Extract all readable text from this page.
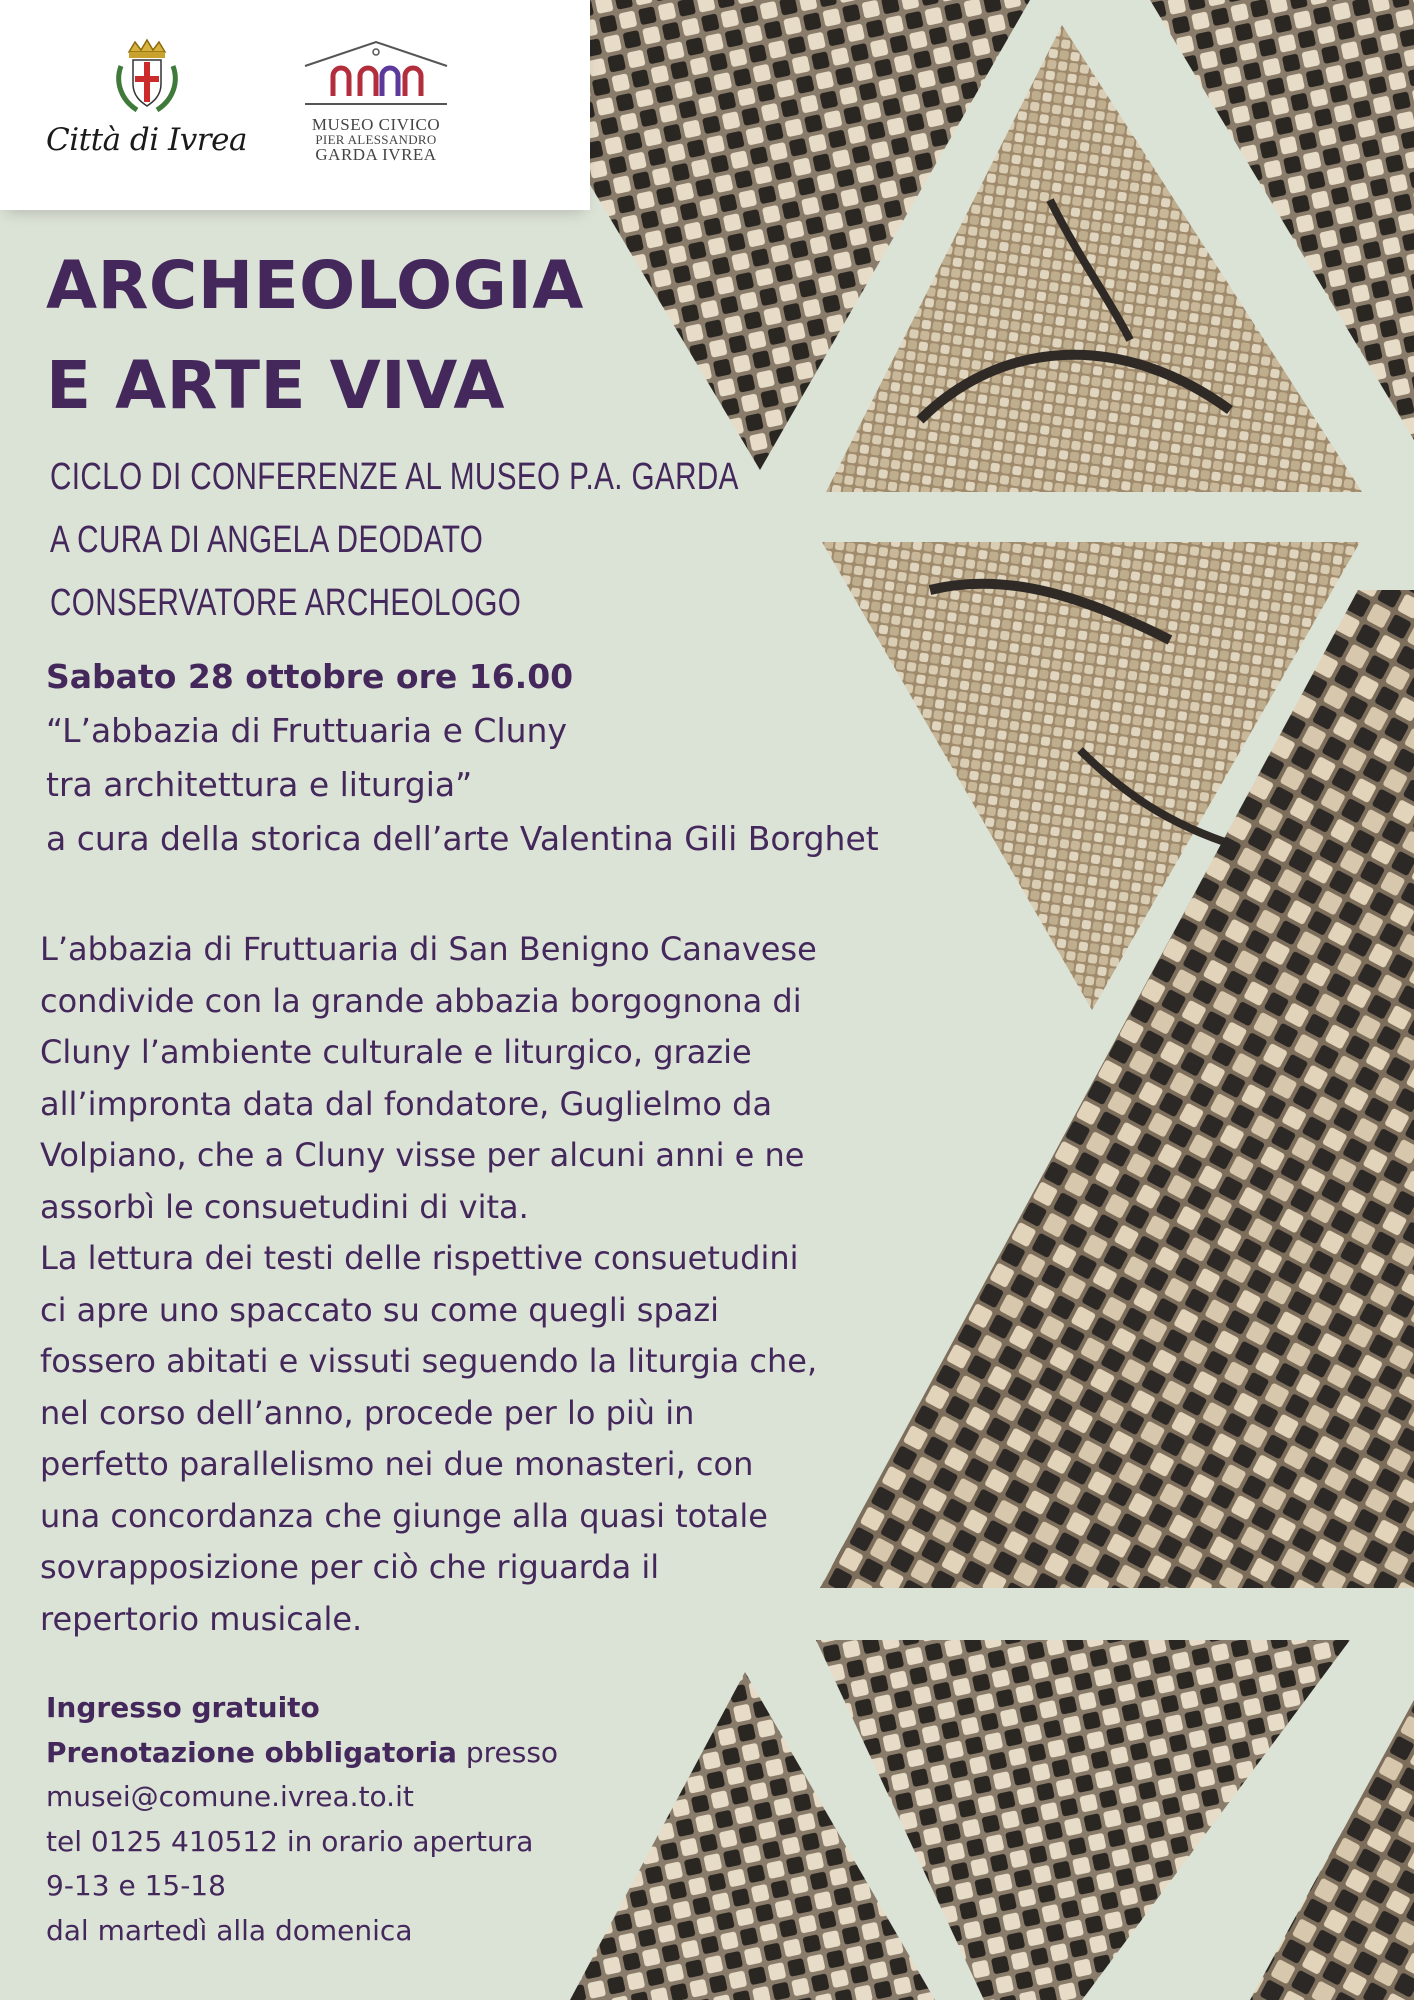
Città di Ivrea	MUSEO CIVICO
PIER ALESSANDRO
GARDA IVREA
ARCHEOLOGIA
E ARTE VIVA
CICLO DI CONFERENZE AL MUSEO P.A. GARDA
A CURA DI ANGELA DEODATO
CONSERVATORE ARCHEOLOGO
Sabato 28 ottobre ore 16.00
“L’abbazia di Fruttuaria e Cluny
tra architettura e liturgia”
a cura della storica dell’arte Valentina Gili Borghet
L’abbazia di Fruttuaria di San Benigno Canavese
condivide con la grande abbazia borgognona di
Cluny l’ambiente culturale e liturgico, grazie
all’impronta data dal fondatore, Guglielmo da
Volpiano, che a Cluny visse per alcuni anni e ne
assorbì le consuetudini di vita.
La lettura dei testi delle rispettive consuetudini
ci apre uno spaccato su come quegli spazi
fossero abitati e vissuti seguendo la liturgia che,
nel corso dell’anno, procede per lo più in
perfetto parallelismo nei due monasteri, con
una concordanza che giunge alla quasi totale
sovrapposizione per ciò che riguarda il
repertorio musicale.
Ingresso gratuito
Prenotazione obbligatoria presso
musei@comune.ivrea.to.it
tel 0125 410512 in orario apertura
9-13 e 15-18
dal martedì alla domenica
